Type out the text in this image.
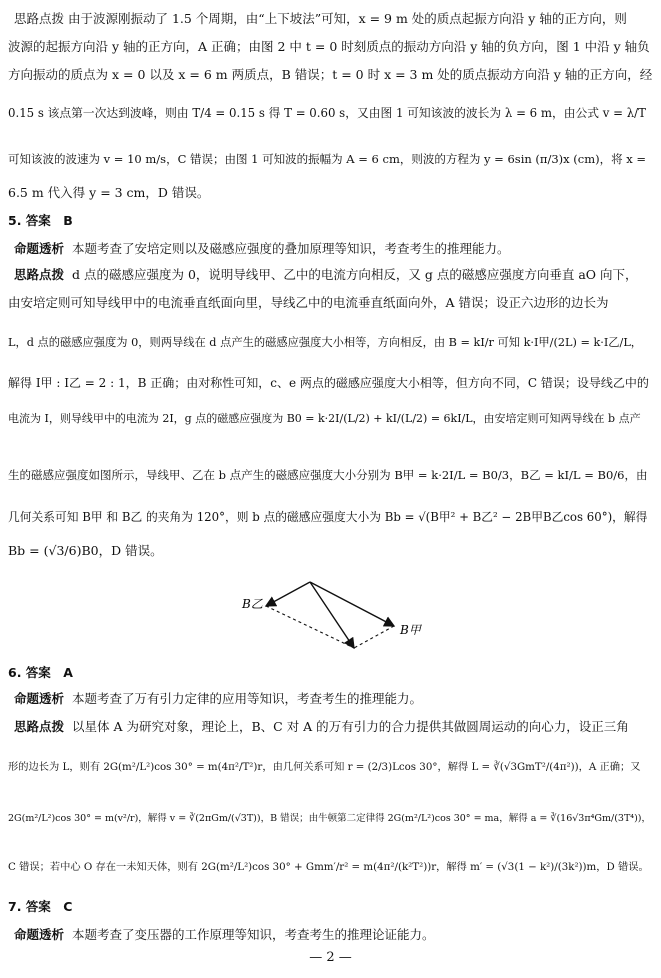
思路点拨 由于波源刚振动了 1.5 个周期，由“上下坡法”可知，x = 9 m 处的质点起振方向沿 y 轴的正方向，则
波源的起振方向沿 y 轴的正方向，A 正确；由图 2 中 t = 0 时刻质点的振动方向沿 y 轴的负方向，图 1 中沿 y 轴负
方向振动的质点为 x = 0 以及 x = 6 m 两质点，B 错误；t = 0 时 x = 3 m 处的质点振动方向沿 y 轴的正方向，经
0.15 s 该点第一次达到波峰，则由 T/4 = 0.15 s 得 T = 0.60 s，又由图 1 可知该波的波长为 λ = 6 m，由公式 v = λ/T
可知该波的波速为 v = 10 m/s，C 错误；由图 1 可知波的振幅为 A = 6 cm，则波的方程为 y = 6sin (π/3)x (cm)，将 x =
6.5 m 代入得 y = 3 cm，D 错误。
5. 答案　B
命题透析 本题考查了安培定则以及磁感应强度的叠加原理等知识，考查考生的推理能力。
思路点拨 d 点的磁感应强度为 0，说明导线甲、乙中的电流方向相反，又 g 点的磁感应强度方向垂直 aO 向下，
由安培定则可知导线甲中的电流垂直纸面向里，导线乙中的电流垂直纸面向外，A 错误；设正六边形的边长为
L，d 点的磁感应强度为 0，则两导线在 d 点产生的磁感应强度大小相等，方向相反，由 B = kI/r 可知 k·I甲/(2L) = k·I乙/L，
解得 I甲 : I乙 = 2 : 1，B 正确；由对称性可知，c、e 两点的磁感应强度大小相等，但方向不同，C 错误；设导线乙中的
电流为 I，则导线甲中的电流为 2I，g 点的磁感应强度为 B0 = k·2I/(L/2) + kI/(L/2) = 6kI/L，由安培定则可知两导线在 b 点产
生的磁感应强度如图所示，导线甲、乙在 b 点产生的磁感应强度大小分别为 B甲 = k·2I/L = B0/3，B乙 = kI/L = B0/6，由
几何关系可知 B甲 和 B乙 的夹角为 120°，则 b 点的磁感应强度大小为 Bb = √(B甲² + B乙² − 2B甲B乙cos 60°)，解得
Bb = (√3/6)B0，D 错误。
B乙
B甲
6. 答案　A
命题透析 本题考查了万有引力定律的应用等知识，考查考生的推理能力。
思路点拨 以星体 A 为研究对象，理论上，B、C 对 A 的万有引力的合力提供其做圆周运动的向心力，设正三角
形的边长为 L，则有 2G(m²/L²)cos 30° = m(4π²/T²)r，由几何关系可知 r = (2/3)Lcos 30°，解得 L = ∛(√3GmT²/(4π²))，A 正确；又
2G(m²/L²)cos 30° = m(v²/r)，解得 v = ∛(2πGm/(√3T))，B 错误；由牛顿第二定律得 2G(m²/L²)cos 30° = ma，解得 a = ∛(16√3π⁴Gm/(3T⁴))，
C 错误；若中心 O 存在一未知天体，则有 2G(m²/L²)cos 30° + Gmm′/r² = m(4π²/(k²T²))r，解得 m′ = (√3(1 − k²)/(3k²))m，D 错误。
7. 答案　C
命题透析 本题考查了变压器的工作原理等知识，考查考生的推理论证能力。
— 2 —
